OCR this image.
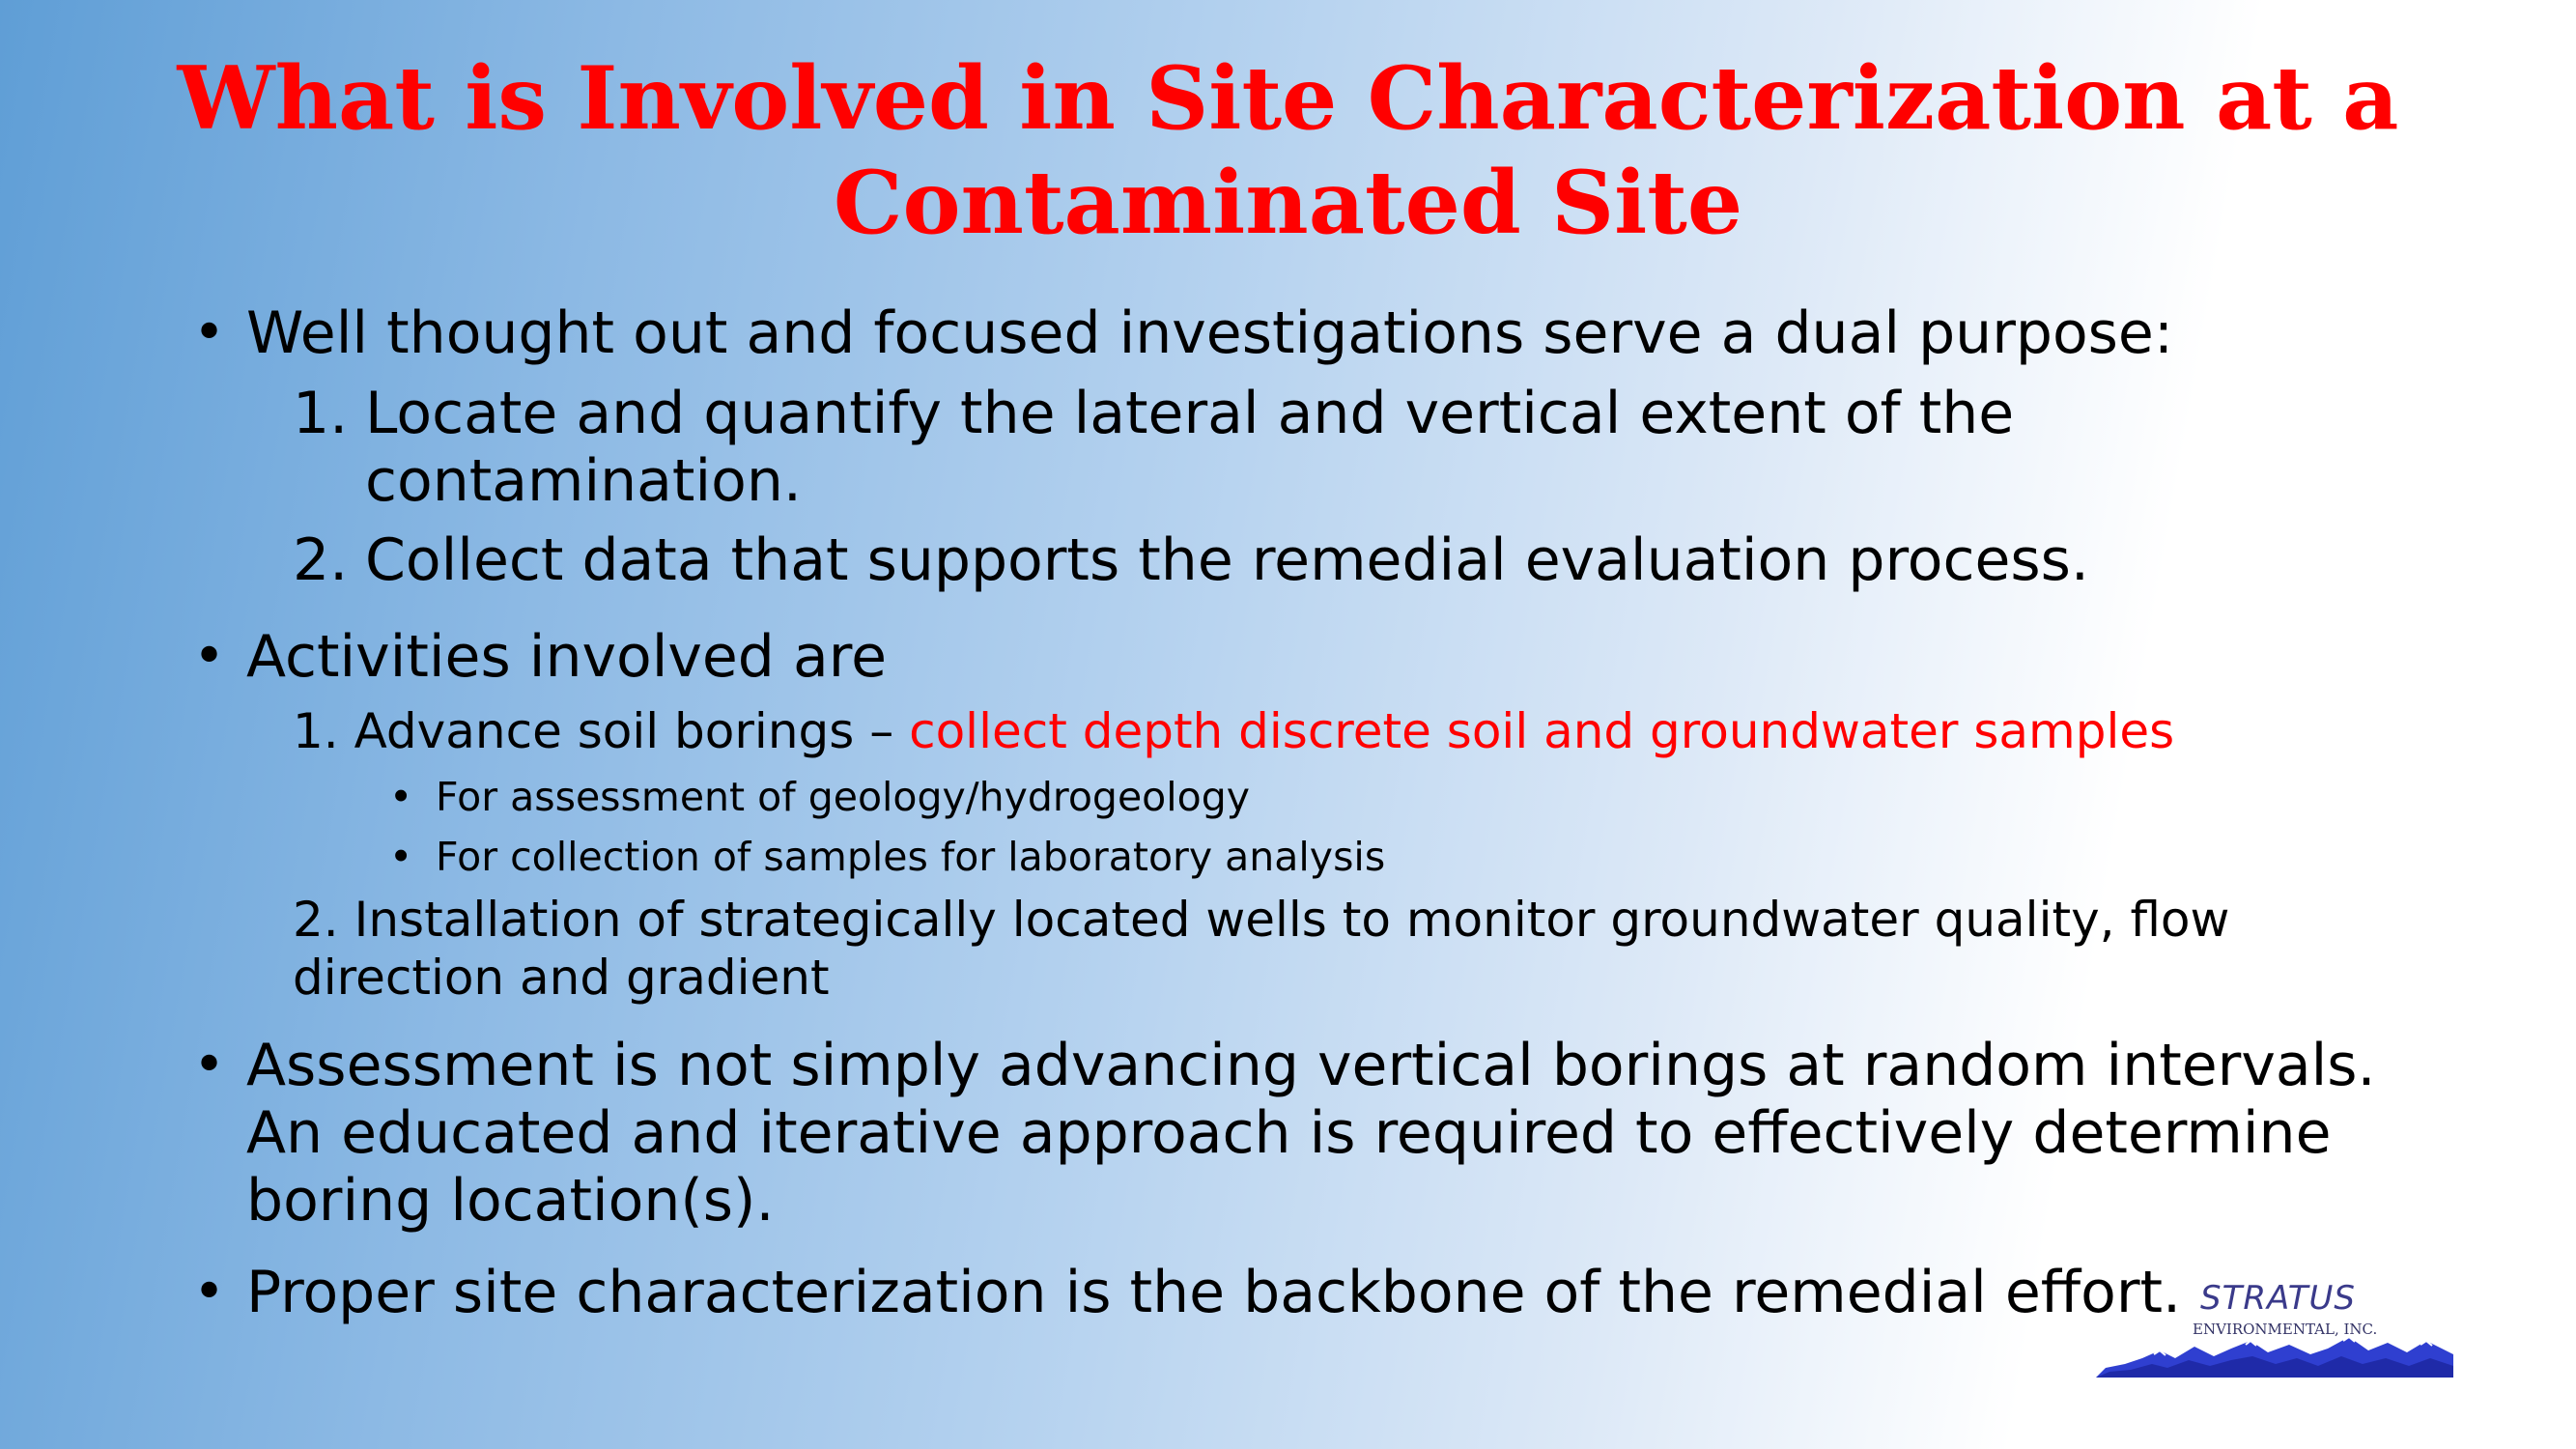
What is Involved in Site Characterization at a
Contaminated Site
• Well thought out and focused investigations serve a dual purpose:
1. Locate and quantify the lateral and vertical extent of the
contamination.
2. Collect data that supports the remedial evaluation process.
• Activities involved are
1. Advance soil borings – collect depth discrete soil and groundwater samples
• For assessment of geology/hydrogeology
• For collection of samples for laboratory analysis
2. Installation of strategically located wells to monitor groundwater quality, flow
direction and gradient
• Assessment is not simply advancing vertical borings at random intervals.
An educated and iterative approach is required to effectively determine
boring location(s).
• Proper site characterization is the backbone of the remedial effort. STRATUS
ENVIRONMENTAL, INC.
